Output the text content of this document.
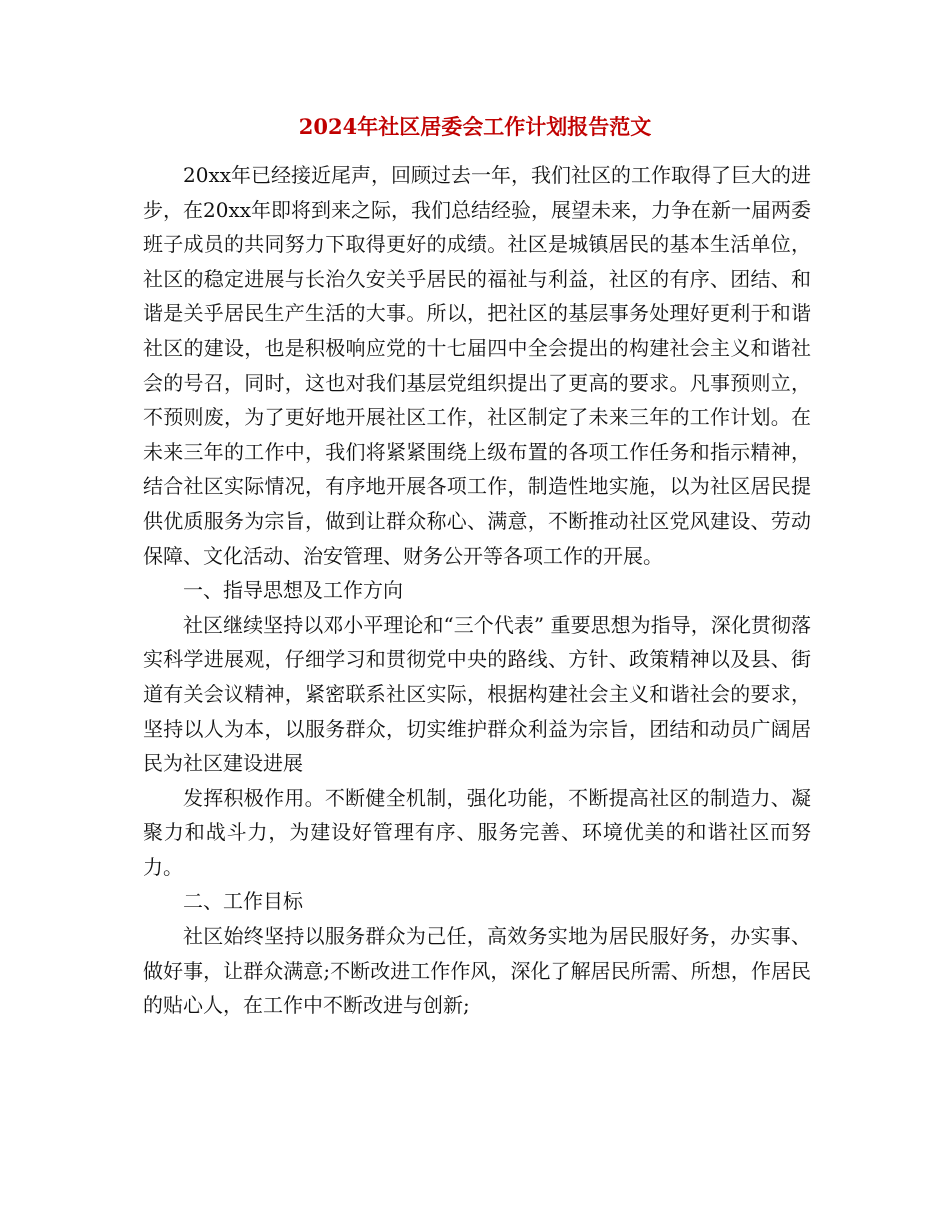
2024年社区居委会工作计划报告范文

20xx年已经接近尾声，回顾过去一年，我们社区的工作取得了巨大的进步，在20xx年即将到来之际，我们总结经验，展望未来，力争在新一届两委班子成员的共同努力下取得更好的成绩。社区是城镇居民的基本生活单位，社区的稳定进展与长治久安关乎居民的福祉与利益，社区的有序、团结、和谐是关乎居民生产生活的大事。所以，把社区的基层事务处理好更利于和谐社区的建设，也是积极响应党的十七届四中全会提出的构建社会主义和谐社会的号召，同时，这也对我们基层党组织提出了更高的要求。凡事预则立，不预则废，为了更好地开展社区工作，社区制定了未来三年的工作计划。在未来三年的工作中，我们将紧紧围绕上级布置的各项工作任务和指示精神，结合社区实际情况，有序地开展各项工作，制造性地实施，以为社区居民提供优质服务为宗旨，做到让群众称心、满意，不断推动社区党风建设、劳动保障、文化活动、治安管理、财务公开等各项工作的开展。

一、指导思想及工作方向

社区继续坚持以邓小平理论和“三个代表” 重要思想为指导，深化贯彻落实科学进展观，仔细学习和贯彻党中央的路线、方针、政策精神以及县、街道有关会议精神，紧密联系社区实际，根据构建社会主义和谐社会的要求，坚持以人为本，以服务群众，切实维护群众利益为宗旨，团结和动员广阔居民为社区建设进展

发挥积极作用。不断健全机制，强化功能，不断提高社区的制造力、凝聚力和战斗力，为建设好管理有序、服务完善、环境优美的和谐社区而努力。

二、工作目标

社区始终坚持以服务群众为己任，高效务实地为居民服好务，办实事、做好事，让群众满意;不断改进工作作风，深化了解居民所需、所想，作居民的贴心人，在工作中不断改进与创新;
